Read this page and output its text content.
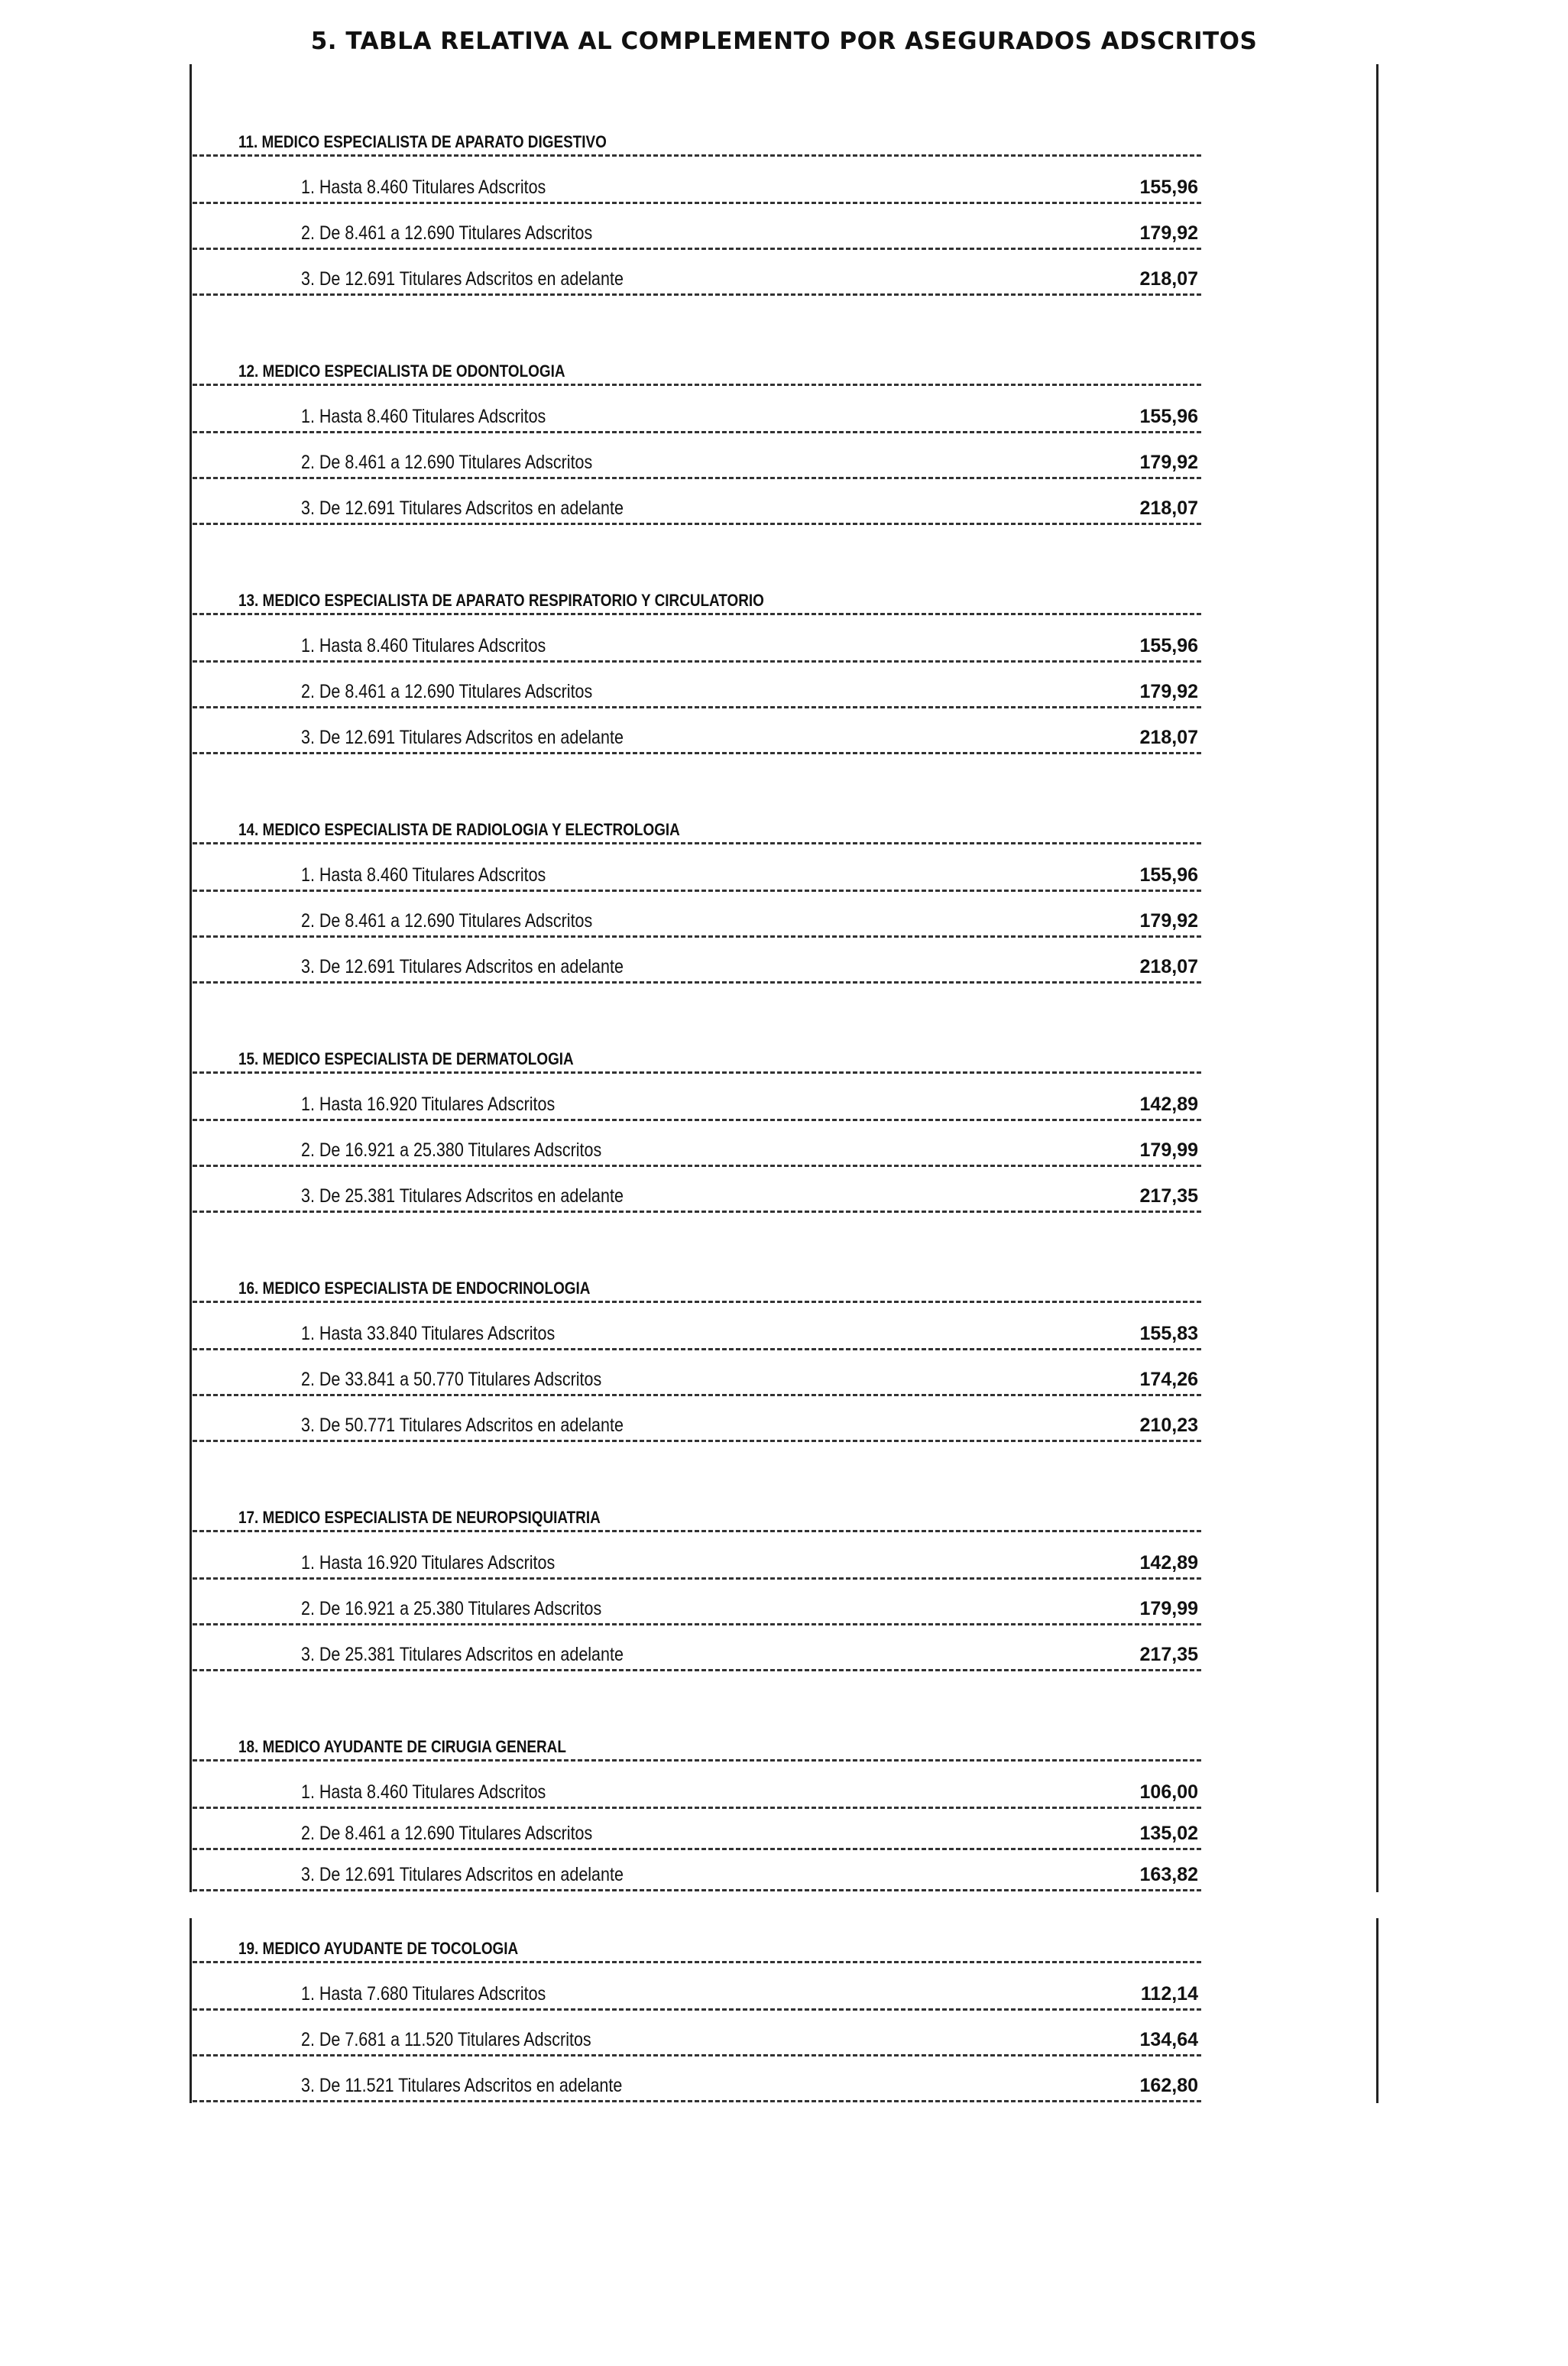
5. TABLA RELATIVA AL COMPLEMENTO POR ASEGURADOS ADSCRITOS
11. MEDICO ESPECIALISTA DE APARATO DIGESTIVO
1. Hasta 8.460 Titulares Adscritos	155,96
2. De 8.461 a 12.690 Titulares Adscritos	179,92
3. De 12.691 Titulares Adscritos en adelante	218,07
12. MEDICO ESPECIALISTA DE ODONTOLOGIA
1. Hasta 8.460 Titulares Adscritos	155,96
2. De 8.461 a 12.690 Titulares Adscritos	179,92
3. De 12.691 Titulares Adscritos en adelante	218,07
13. MEDICO ESPECIALISTA DE APARATO RESPIRATORIO Y CIRCULATORIO
1. Hasta 8.460 Titulares Adscritos	155,96
2. De 8.461 a 12.690 Titulares Adscritos	179,92
3. De 12.691 Titulares Adscritos en adelante	218,07
14. MEDICO ESPECIALISTA DE RADIOLOGIA Y ELECTROLOGIA
1. Hasta 8.460 Titulares Adscritos	155,96
2. De 8.461 a 12.690 Titulares Adscritos	179,92
3. De 12.691 Titulares Adscritos en adelante	218,07
15. MEDICO ESPECIALISTA DE DERMATOLOGIA
1. Hasta 16.920 Titulares Adscritos	142,89
2. De 16.921 a 25.380 Titulares Adscritos	179,99
3. De 25.381 Titulares Adscritos en adelante	217,35
16. MEDICO ESPECIALISTA DE ENDOCRINOLOGIA
1. Hasta 33.840 Titulares Adscritos	155,83
2. De 33.841 a 50.770 Titulares Adscritos	174,26
3. De 50.771 Titulares Adscritos en adelante	210,23
17. MEDICO ESPECIALISTA DE NEUROPSIQUIATRIA
1. Hasta 16.920 Titulares Adscritos	142,89
2. De 16.921 a 25.380 Titulares Adscritos	179,99
3. De 25.381 Titulares Adscritos en adelante	217,35
18. MEDICO AYUDANTE DE CIRUGIA GENERAL
1. Hasta 8.460 Titulares Adscritos	106,00
2. De 8.461 a 12.690 Titulares Adscritos	135,02
3. De 12.691 Titulares Adscritos en adelante	163,82
19. MEDICO AYUDANTE DE TOCOLOGIA
1. Hasta 7.680 Titulares Adscritos	112,14
2. De 7.681 a 11.520 Titulares Adscritos	134,64
3. De 11.521 Titulares Adscritos en adelante	162,80
